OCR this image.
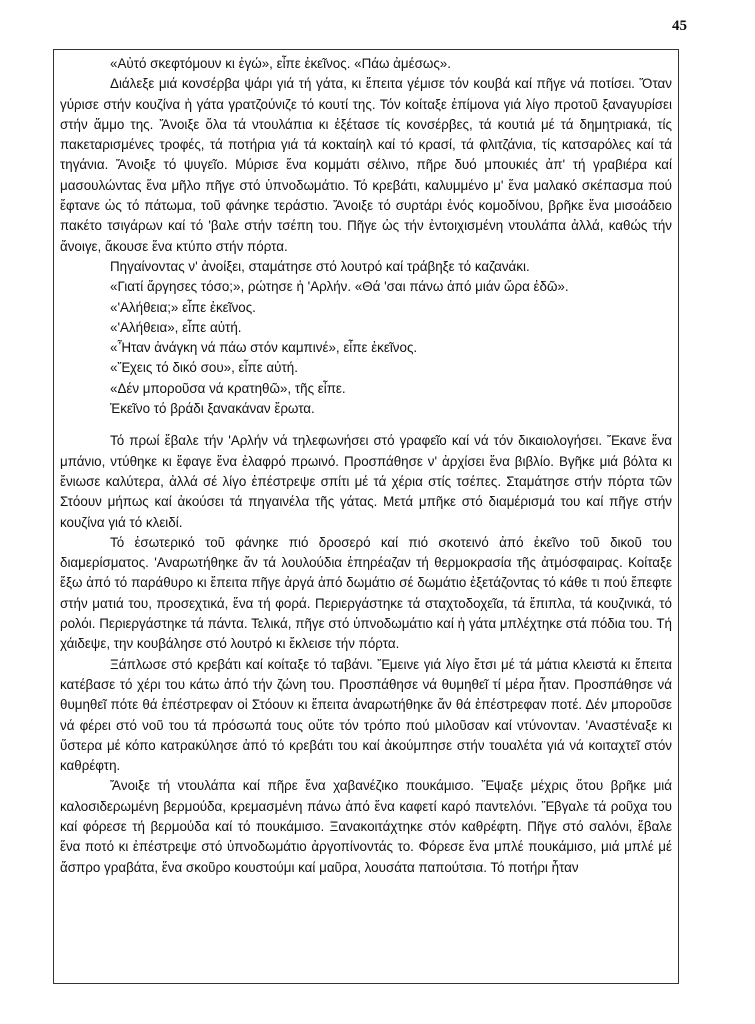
45

«Αὐτό σκεφτόμουν κι ἐγώ», εἶπε ἐκεῖνος. «Πάω ἀμέσως».

Διάλεξε μιά κονσέρβα ψάρι γιά τή γάτα, κι ἔπειτα γέμισε τόν κουβά καί πῆγε νά ποτίσει. Ὅταν γύρισε στήν κουζίνα ἡ γάτα γρατζούνιζε τό κουτί της. Τόν κοίταξε ἐπίμονα γιά λίγο προτοῦ ξαναγυρίσει στήν ἄμμο της. Ἄνοιξε ὅλα τά ντουλάπια κι ἐξέτασε τίς κονσέρβες, τά κουτιά μέ τά δημητριακά, τίς πακεταρισμένες τροφές, τά ποτήρια γιά τά κοκταίηλ καί τό κρασί, τά φλιτζάνια, τίς κατσαρόλες καί τά τηγάνια. Ἄνοιξε τό ψυγεῖο. Μύρισε ἕνα κομμάτι σέλινο, πῆρε δυό μπουκιές ἀπ' τή γραβιέρα καί μασουλώντας ἕνα μῆλο πῆγε στό ὑπνοδωμάτιο. Τό κρεβάτι, καλυμμένο μ' ἕνα μαλακό σκέπασμα πού ἔφτανε ὡς τό πάτωμα, τοῦ φάνηκε τεράστιο. Ἄνοιξε τό συρτάρι ἑνός κομοδίνου, βρῆκε ἕνα μισοάδειο πακέτο τσιγάρων καί τό 'βαλε στήν τσέπη του. Πῆγε ὡς τήν ἐντοιχισμένη ντουλάπα ἀλλά, καθώς τήν ἄνοιγε, ἄκουσε ἕνα κτύπο στήν πόρτα.

Πηγαίνοντας ν' ἀνοίξει, σταμάτησε στό λουτρό καί τράβηξε τό καζανάκι.

«Γιατί ἄργησες τόσο;», ρώτησε ἡ 'Αρλήν. «Θά 'σαι πάνω ἀπό μιάν ὥρα ἐδῶ».

«'Αλήθεια;» εἶπε ἐκεῖνος.

«'Αλήθεια», εἶπε αὐτή.

«Ἦταν ἀνάγκη νά πάω στόν καμπινέ», εἶπε ἐκεῖνος.

«Ἔχεις τό δικό σου», εἶπε αὐτή.

«Δέν μποροῦσα νά κρατηθῶ», τῆς εἶπε.

Ἐκεῖνο τό βράδι ξανακάναν ἔρωτα.

Τό πρωί ἔβαλε τήν 'Αρλήν νά τηλεφωνήσει στό γραφεῖο καί νά τόν δικαιολογήσει. Ἔκανε ἕνα μπάνιο, ντύθηκε κι ἔφαγε ἕνα ἐλαφρό πρωινό. Προσπάθησε ν' ἀρχίσει ἕνα βιβλίο. Βγῆκε μιά βόλτα κι ἔνιωσε καλύτερα, ἀλλά σέ λίγο ἐπέστρεψε σπίτι μέ τά χέρια στίς τσέπες. Σταμάτησε στήν πόρτα τῶν Στόουν μήπως καί ἀκούσει τά πηγαινέλα τῆς γάτας. Μετά μπῆκε στό διαμέρισμά του καί πῆγε στήν κουζίνα γιά τό κλειδί.

Τό ἐσωτερικό τοῦ φάνηκε πιό δροσερό καί πιό σκοτεινό ἀπό ἐκεῖνο τοῦ δικοῦ του διαμερίσματος. 'Αναρωτήθηκε ἄν τά λουλούδια ἐπηρέαζαν τή θερμοκρασία τῆς ἀτμόσφαιρας. Κοίταξε ἔξω ἀπό τό παράθυρο κι ἔπειτα πῆγε ἀργά ἀπό δωμάτιο σέ δωμάτιο ἐξετάζοντας τό κάθε τι πού ἔπεφτε στήν ματιά του, προσεχτικά, ἕνα τή φορά. Περιεργάστηκε τά σταχτοδοχεῖα, τά ἔπιπλα, τά κουζινικά, τό ρολόι. Περιεργάστηκε τά πάντα. Τελικά, πῆγε στό ὑπνοδωμάτιο καί ἡ γάτα μπλέχτηκε στά πόδια του. Τή χάιδεψε, την κουβάλησε στό λουτρό κι ἔκλεισε τήν πόρτα.

Ξάπλωσε στό κρεβάτι καί κοίταξε τό ταβάνι. Ἔμεινε γιά λίγο ἔτσι μέ τά μάτια κλειστά κι ἔπειτα κατέβασε τό χέρι του κάτω ἀπό τήν ζώνη του. Προσπάθησε νά θυμηθεῖ τί μέρα ἦταν. Προσπάθησε νά θυμηθεῖ πότε θά ἐπέστρεφαν οἱ Στόουν κι ἔπειτα ἀναρωτήθηκε ἄν θά ἐπέστρεφαν ποτέ. Δέν μποροῦσε νά φέρει στό νοῦ του τά πρόσωπά τους οὔτε τόν τρόπο πού μιλοῦσαν καί ντύνονταν. 'Αναστέναξε κι ὕστερα μέ κόπο κατρακύλησε ἀπό τό κρεβάτι του καί ἀκούμπησε στήν τουαλέτα γιά νά κοιταχτεῖ στόν καθρέφτη.

Ἄνοιξε τή ντουλάπα καί πῆρε ἕνα χαβανέζικο πουκάμισο. Ἔψαξε μέχρις ὅτου βρῆκε μιά καλοσιδερωμένη βερμούδα, κρεμασμένη πάνω ἀπό ἕνα καφετί καρό παντελόνι. Ἔβγαλε τά ροῦχα του καί φόρεσε τή βερμούδα καί τό πουκάμισο. Ξανακοιτάχτηκε στόν καθρέφτη. Πῆγε στό σαλόνι, ἔβαλε ἕνα ποτό κι ἐπέστρεψε στό ὑπνοδωμάτιο ἀργοπίνοντάς το. Φόρεσε ἕνα μπλέ πουκάμισο, μιά μπλέ μέ ἄσπρο γραβάτα, ἕνα σκοῦρο κουστούμι καί μαῦρα, λουσάτα παπούτσια. Τό ποτήρι ἦταν
